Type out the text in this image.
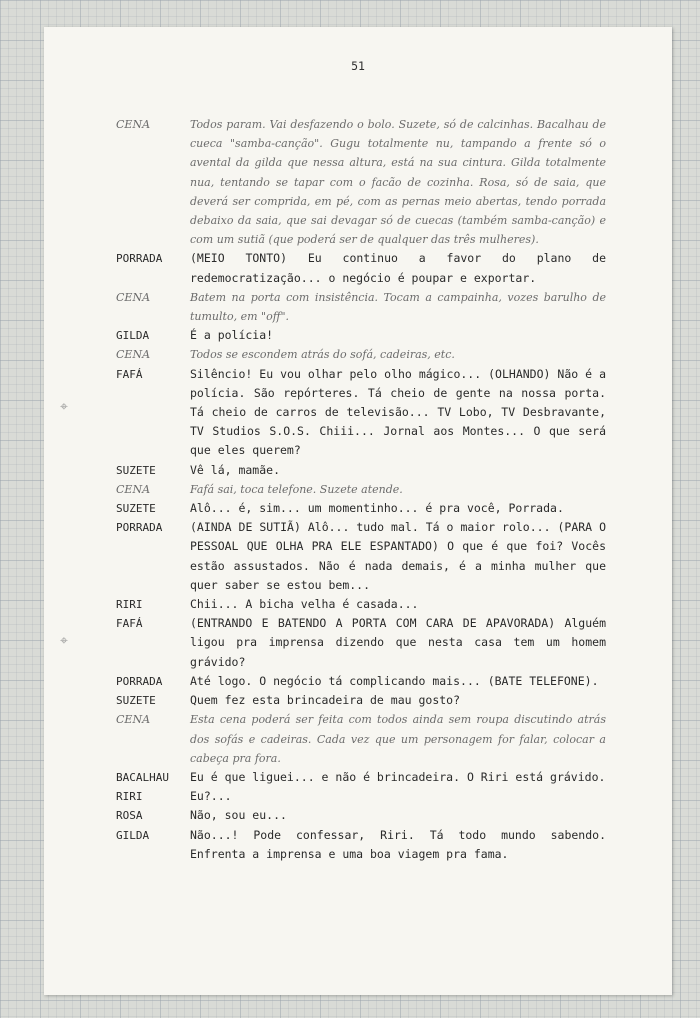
⌖
⌖
51
CENA	Todos param. Vai desfazendo o bolo. Suzete, só de calcinhas. Bacalhau de cueca "samba-canção". Gugu totalmente nu, tampando a frente só o avental da gilda que nessa altura, está na sua cintura. Gilda totalmente nua, tentando se tapar com o facão de cozinha. Rosa, só de saia, que deverá ser comprida, em pé, com as pernas meio abertas, tendo porrada debaixo da saia, que sai devagar só de cuecas (também samba-canção) e com um sutiã (que poderá ser de qualquer das três mulheres).
PORRADA	(MEIO TONTO) Eu continuo a favor do plano de redemocratização... o negócio é poupar e exportar.
CENA	Batem na porta com insistência. Tocam a campainha, vozes barulho de tumulto, em "off".
GILDA	É a polícia!
CENA	Todos se escondem atrás do sofá, cadeiras, etc.
FAFÁ	Silêncio! Eu vou olhar pelo olho mágico... (OLHANDO) Não é a polícia. São repórteres. Tá cheio de gente na nossa porta. Tá cheio de carros de televisão... TV Lobo, TV Desbravante, TV Studios S.O.S. Chiii... Jornal aos Montes... O que será que eles querem?
SUZETE	Vê lá, mamãe.
CENA	Fafá sai, toca telefone. Suzete atende.
SUZETE	Alô... é, sim... um momentinho... é pra você, Porrada.
PORRADA	(AINDA DE SUTIÃ) Alô... tudo mal. Tá o maior rolo... (PARA O PESSOAL QUE OLHA PRA ELE ESPANTADO) O que é que foi? Vocês estão assustados. Não é nada demais, é a minha mulher que quer saber se estou bem...
RIRI	Chii... A bicha velha é casada...
FAFÁ	(ENTRANDO E BATENDO A PORTA COM CARA DE APAVORADA) Alguém ligou pra imprensa dizendo que nesta casa tem um homem grávido?
PORRADA	Até logo. O negócio tá complicando mais... (BATE TELEFONE).
SUZETE	Quem fez esta brincadeira de mau gosto?
CENA	Esta cena poderá ser feita com todos ainda sem roupa discutindo atrás dos sofás e cadeiras. Cada vez que um personagem for falar, colocar a cabeça pra fora.
BACALHAU	Eu é que liguei... e não é brincadeira. O Riri está grávido.
RIRI	Eu?...
ROSA	Não, sou eu...
GILDA	Não...! Pode confessar, Riri. Tá todo mundo sabendo. Enfrenta a imprensa e uma boa viagem pra fama.
